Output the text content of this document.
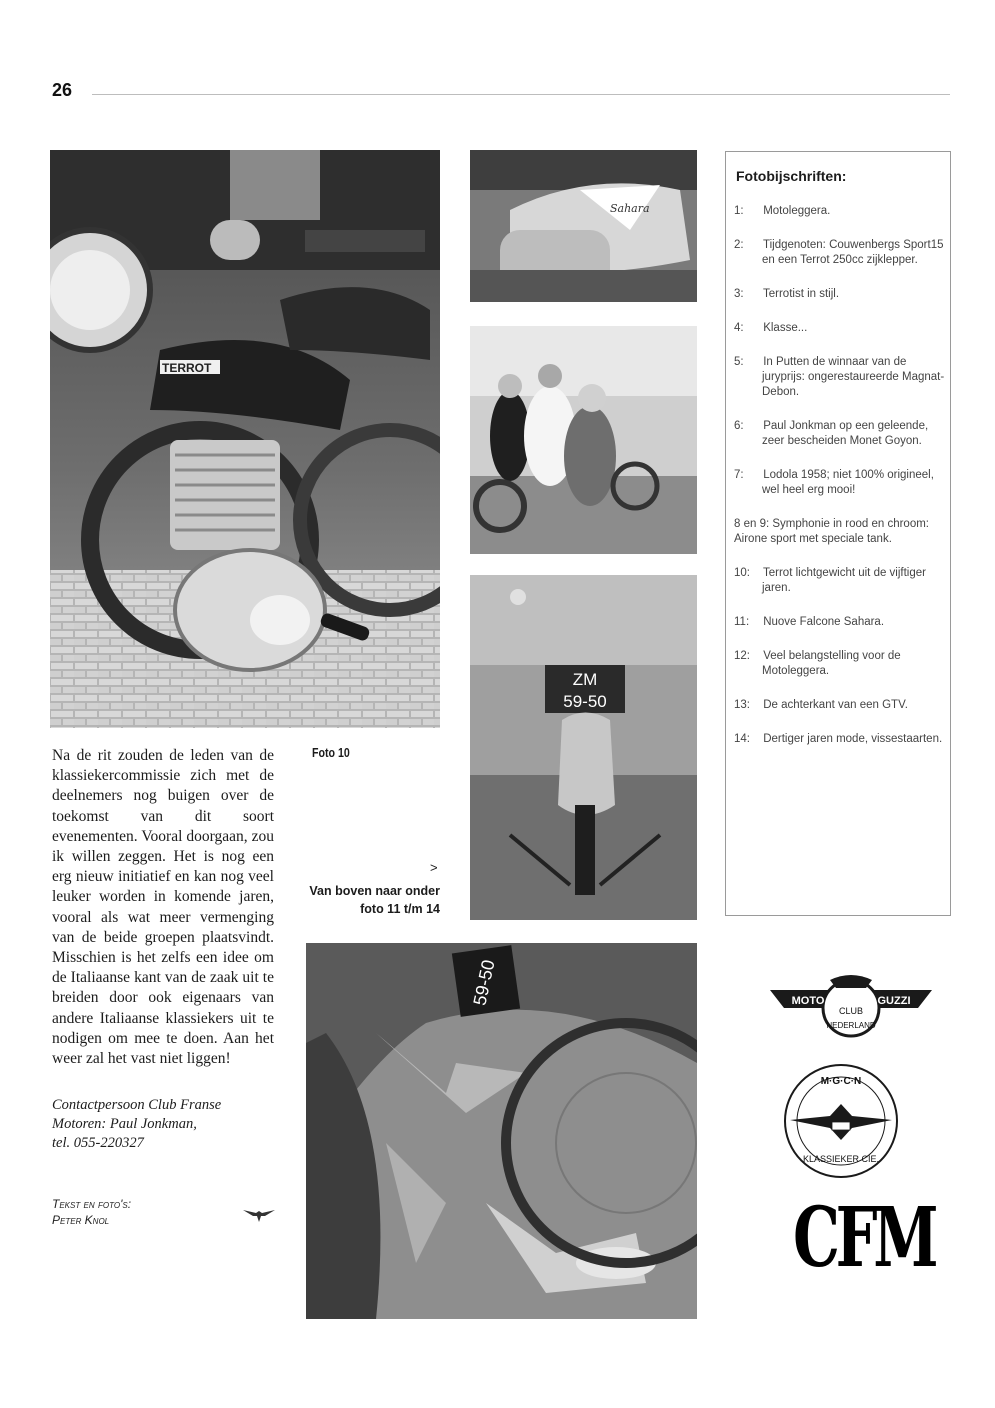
26
TERROT
Sahara
ZM
59-50
59-50

Na de rit zouden de leden van de klassiekercommissie zich met de deelnemers nog buigen over de toekomst van dit soort evenementen. Vooral doorgaan, zou ik willen zeggen. Het is nog een erg nieuw initiatief en kan nog veel leuker worden in komende jaren, vooral als wat meer vermenging van de beide groepen plaatsvindt. Misschien is het zelfs een idee om de Italiaanse kant van de zaak uit te breiden door ook eigenaars van andere Italiaanse klassiekers uit te nodigen om mee te doen. Aan het weer zal het vast niet liggen!

Contactpersoon Club Franse
Motoren: Paul Jonkman,
tel. 055-220327
Tekst en foto's:
Peter Knol
Foto 10
>
Van boven naar onder
foto 11 t/m 14
Fotobijschriften:
1: Motoleggera.
2: Tijdgenoten: Couwenbergs Sport15 en een Terrot 250cc zijklepper.
3: Terrotist in stijl.
4: Klasse...
5: In Putten de winnaar van de juryprijs: ongerestaureerde Magnat-Debon.
6: Paul Jonkman op een geleende, zeer bescheiden Monet Goyon.
7: Lodola 1958; niet 100% origineel, wel heel erg mooi!
8 en 9: Symphonie in rood en chroom: Airone sport met speciale tank.
10: Terrot lichtgewicht uit de vijftiger jaren.
11: Nuove Falcone Sahara.
12: Veel belangstelling voor de Motoleggera.
13: De achterkant van een GTV.
14: Dertiger jaren mode, vissestaarten.
MOTO	GUZZI
CLUB
NEDERLAND
M·G·C·N
KLASSIEKER CIE.
CFM
